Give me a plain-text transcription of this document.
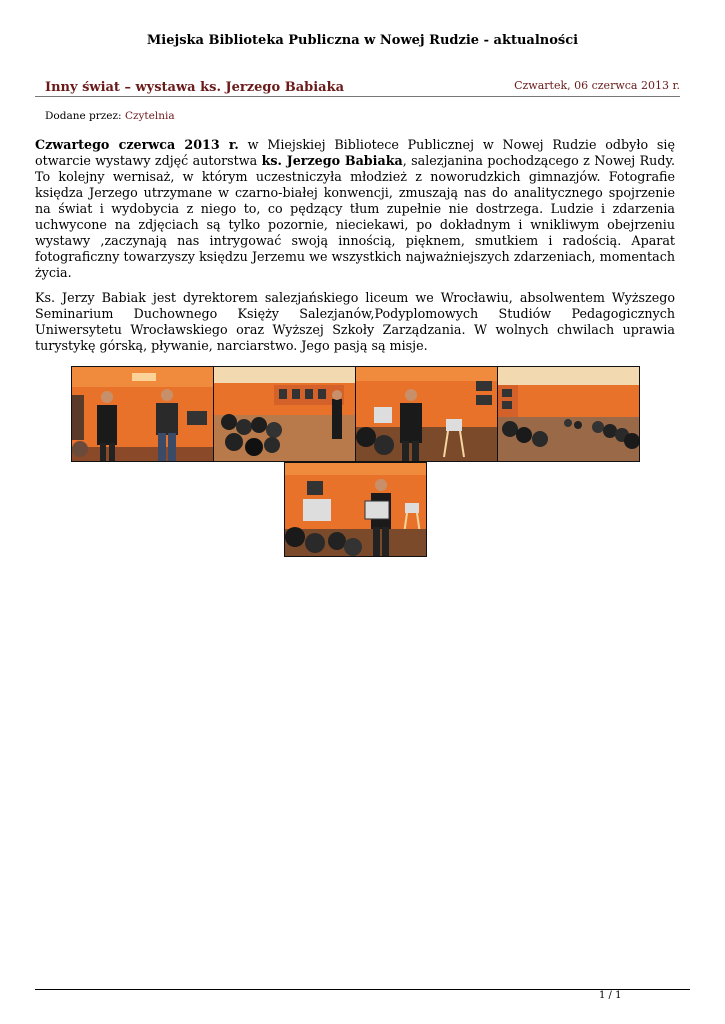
Miejska Biblioteka Publiczna w Nowej Rudzie - aktualności
Inny świat – wystawa ks. Jerzego Babiaka	Czwartek, 06 czerwca 2013 r.
Dodane przez: Czytelnia

Czwartego czerwca 2013 r. w Miejskiej Bibliotece Publicznej w Nowej Rudzie odbyło się otwarcie wystawy zdjęć autorstwa ks. Jerzego Babiaka, salezjanina pochodzącego z Nowej Rudy. To kolejny wernisaż, w którym uczestniczyła młodzież z noworudzkich gimnazjów. Fotografie księdza Jerzego utrzymane w czarno-białej konwencji, zmuszają nas do analitycznego spojrzenie na świat i wydobycia z niego to, co pędzący tłum zupełnie nie dostrzega. Ludzie i zdarzenia uchwycone na zdjęciach są tylko pozornie, nieciekawi, po dokładnym i wnikliwym obejrzeniu wystawy ,zaczynają nas intrygować swoją innością, pięknem, smutkiem i radością. Aparat fotograficzny towarzyszy księdzu Jerzemu we wszystkich najważniejszych zdarzeniach, momentach życia.

Ks. Jerzy Babiak jest dyrektorem salezjańskiego liceum we Wrocławiu, absolwentem Wyższego Seminarium Duchownego Księży Salezjanów,Podyplomowych Studiów Pedagogicznych Uniwersytetu Wrocławskiego oraz Wyższej Szkoły Zarządzania. W wolnych chwilach uprawia turystykę górską, pływanie, narciarstwo. Jego pasją są misje.

1 / 1
